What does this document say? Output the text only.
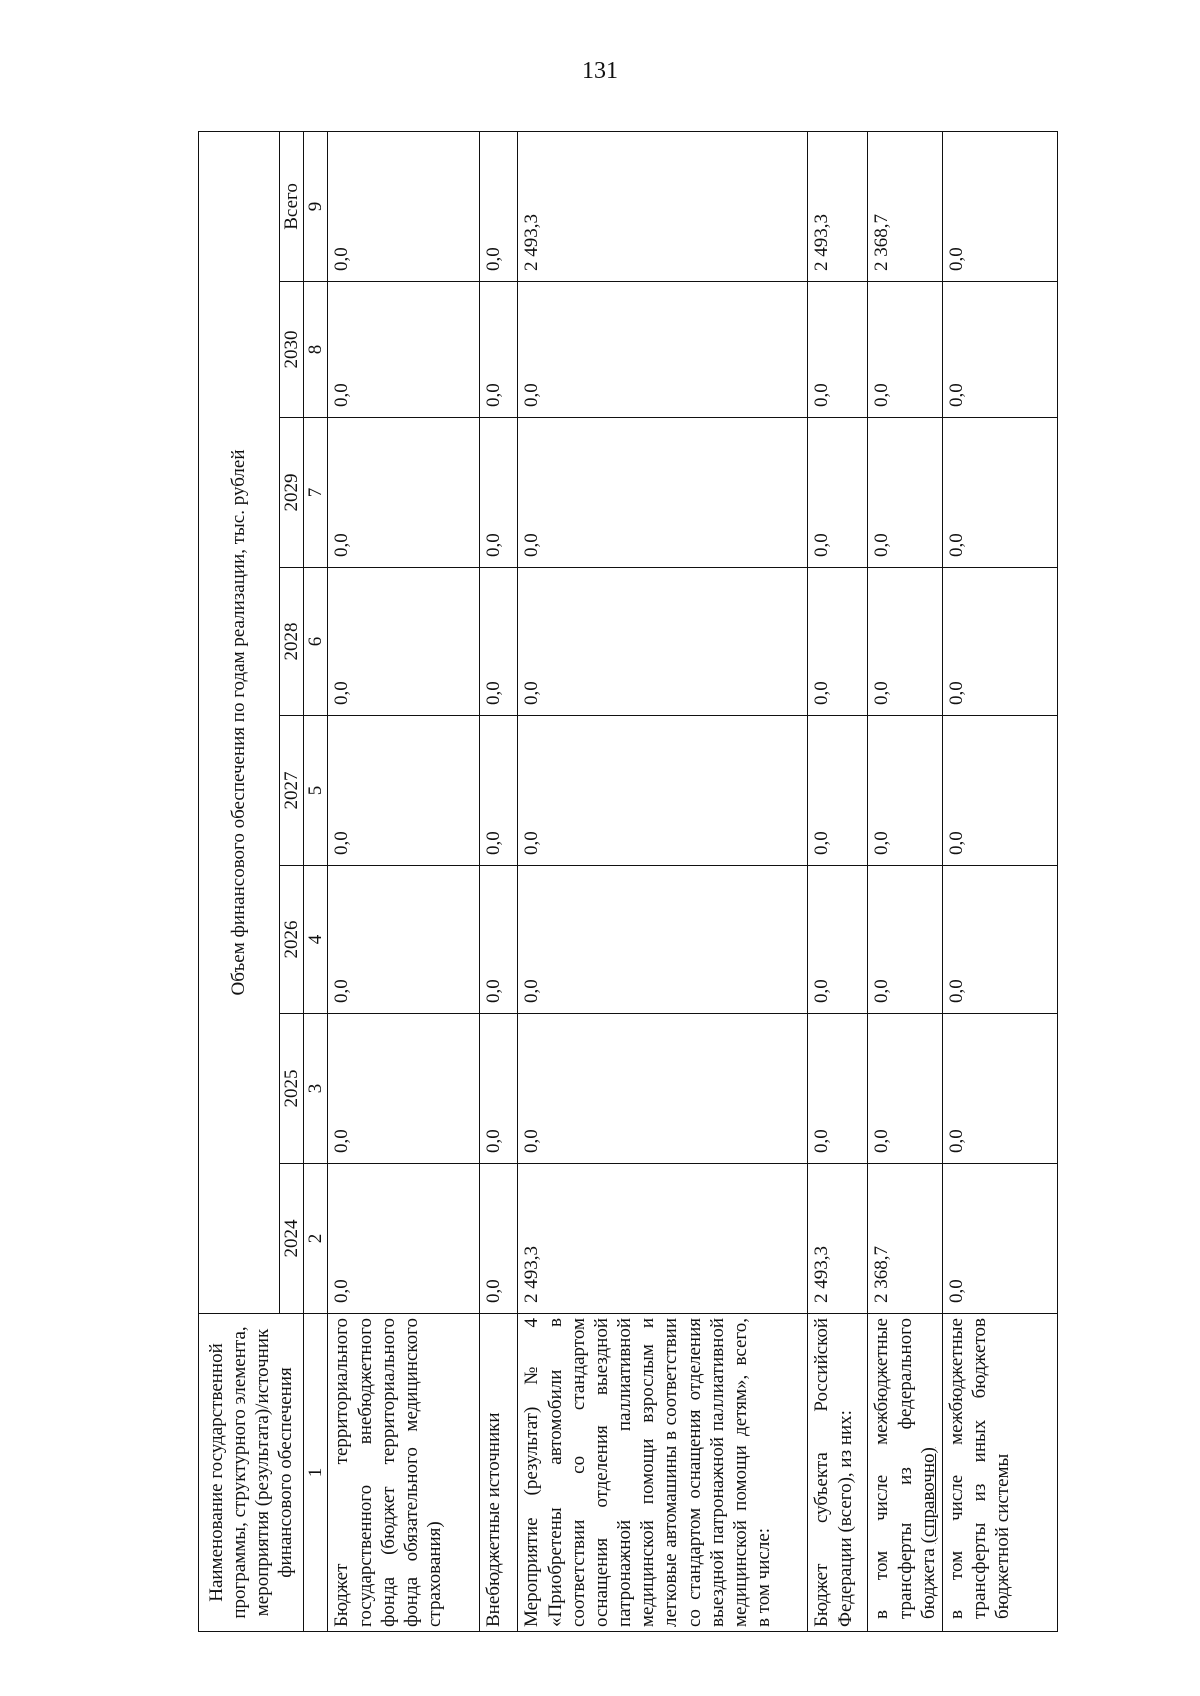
131
Наименование государственной программы, структурного элемента, мероприятия (результата)/источник финансового обеспечения	Объем финансового обеспечения по годам реализации, тыс. рублей							
	2024	2025	2026	2027	2028	2029	2030	Всего
1	2	3	4	5	6	7	8	9
Бюджет территориального государственного внебюджетного фонда (бюджет территориального фонда обязательного медицинского страхования)	0,0	0,0	0,0	0,0	0,0	0,0	0,0	0,0
Внебюджетные источники	0,0	0,0	0,0	0,0	0,0	0,0	0,0	0,0
Мероприятие (результат) № 4 «Приобретены автомобили в соответствии со стандартом оснащения отделения выездной патронажной паллиативной медицинской помощи взрослым и легковые автомашины в соответствии со стандартом оснащения отделения выездной патронажной паллиативной медицинской помощи детям», всего, в том числе:	2 493,3	0,0	0,0	0,0	0,0	0,0	0,0	2 493,3
Бюджет субъекта Российской Федерации (всего), из них:	2 493,3	0,0	0,0	0,0	0,0	0,0	0,0	2 493,3
в том числе межбюджетные трансферты из федерального бюджета (справочно)	2 368,7	0,0	0,0	0,0	0,0	0,0	0,0	2 368,7
в том числе межбюджетные трансферты из иных бюджетов бюджетной системы	0,0	0,0	0,0	0,0	0,0	0,0	0,0	0,0
